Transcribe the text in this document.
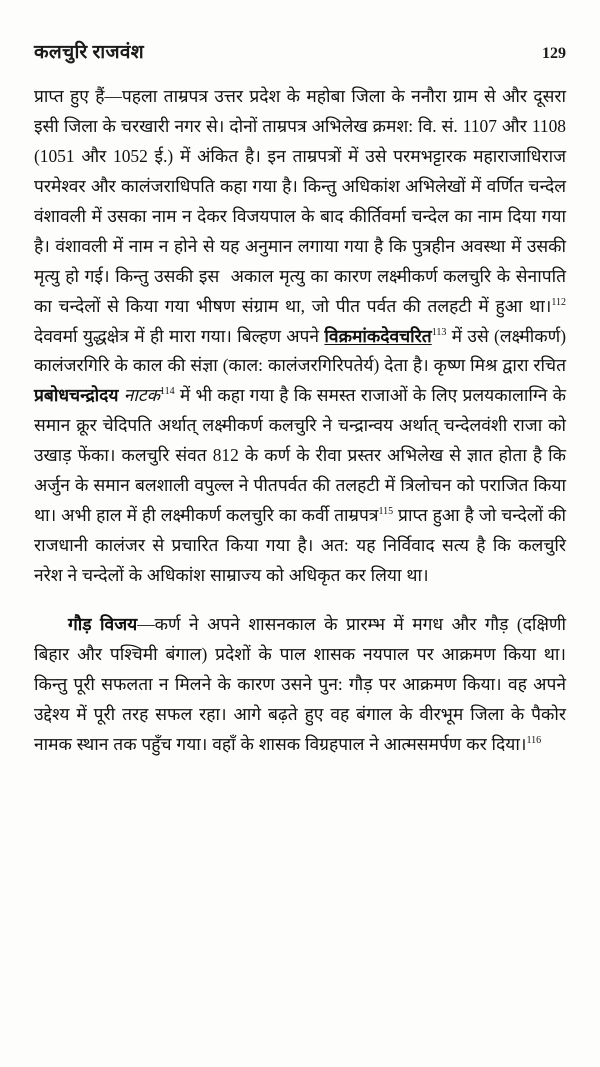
कलचुरि राजवंश	129

प्राप्त हुए हैं—पहला ताम्रपत्र उत्तर प्रदेश के महोबा जिला के ननौरा ग्राम से और दूसरा इसी जिला के चरखारी नगर से। दोनों ताम्रपत्र अभिलेख क्रमश: वि. सं. 1107 और 1108 (1051 और 1052 ई.) में अंकित है। इन ताम्रपत्रों में उसे परमभट्टारक महाराजाधिराज परमेश्वर और कालंजराधिपति कहा गया है। किन्तु अधिकांश अभिलेखों में वर्णित चन्देल वंशावली में उसका नाम न देकर विजयपाल के बाद कीर्तिवर्मा चन्देल का नाम दिया गया है। वंशावली में नाम न होने से यह अनुमान लगाया गया है कि पुत्रहीन अवस्था में उसकी मृत्यु हो गई। किन्तु उसकी इस  अकाल मृत्यु का कारण लक्ष्मीकर्ण कलचुरि के सेनापति का चन्देलों से किया गया भीषण संग्राम था, जो पीत पर्वत की तलहटी में हुआ था।$^{112}$ देववर्मा युद्धक्षेत्र में ही मारा गया। बिल्हण अपने विक्रमांकदेवचरित$^{113}$ में उसे (लक्ष्मीकर्ण) कालंजरगिरि के काल की संज्ञा (काल: कालंजरगिरिपतेर्य) देता है। कृष्ण मिश्र द्वारा रचित प्रबोधचन्द्रोदय नाटक$^{114}$ में भी कहा गया है कि समस्त राजाओं के लिए प्रलयकालाग्नि के समान क्रूर चेदिपति अर्थात् लक्ष्मीकर्ण कलचुरि ने चन्द्रान्वय अर्थात् चन्देलवंशी राजा को उखाड़ फेंका। कलचुरि संवत 812 के कर्ण के रीवा प्रस्तर अभिलेख से ज्ञात होता है कि अर्जुन के समान बलशाली वपुल्ल ने पीतपर्वत की तलहटी में त्रिलोचन को पराजित किया था। अभी हाल में ही लक्ष्मीकर्ण कलचुरि का कर्वी ताम्रपत्र$^{115}$ प्राप्त हुआ है जो चन्देलों की राजधानी कालंजर से प्रचारित किया गया है। अत: यह निर्विवाद सत्य है कि कलचुरि नरेश ने चन्देलों के अधिकांश साम्राज्य को अधिकृत कर लिया था।

गौड़ विजय—कर्ण ने अपने शासनकाल के प्रारम्भ में मगध और गौड़ (दक्षिणी बिहार और पश्चिमी बंगाल) प्रदेशों के पाल शासक नयपाल पर आक्रमण किया था। किन्तु पूरी सफलता न मिलने के कारण उसने पुन: गौड़ पर आक्रमण किया। वह अपने उद्देश्य में पूरी तरह सफल रहा। आगे बढ़ते हुए वह बंगाल के वीरभूम जिला के पैकोर नामक स्थान तक पहुँच गया। वहाँ के शासक विग्रहपाल ने आत्मसमर्पण कर दिया।$^{116}$
